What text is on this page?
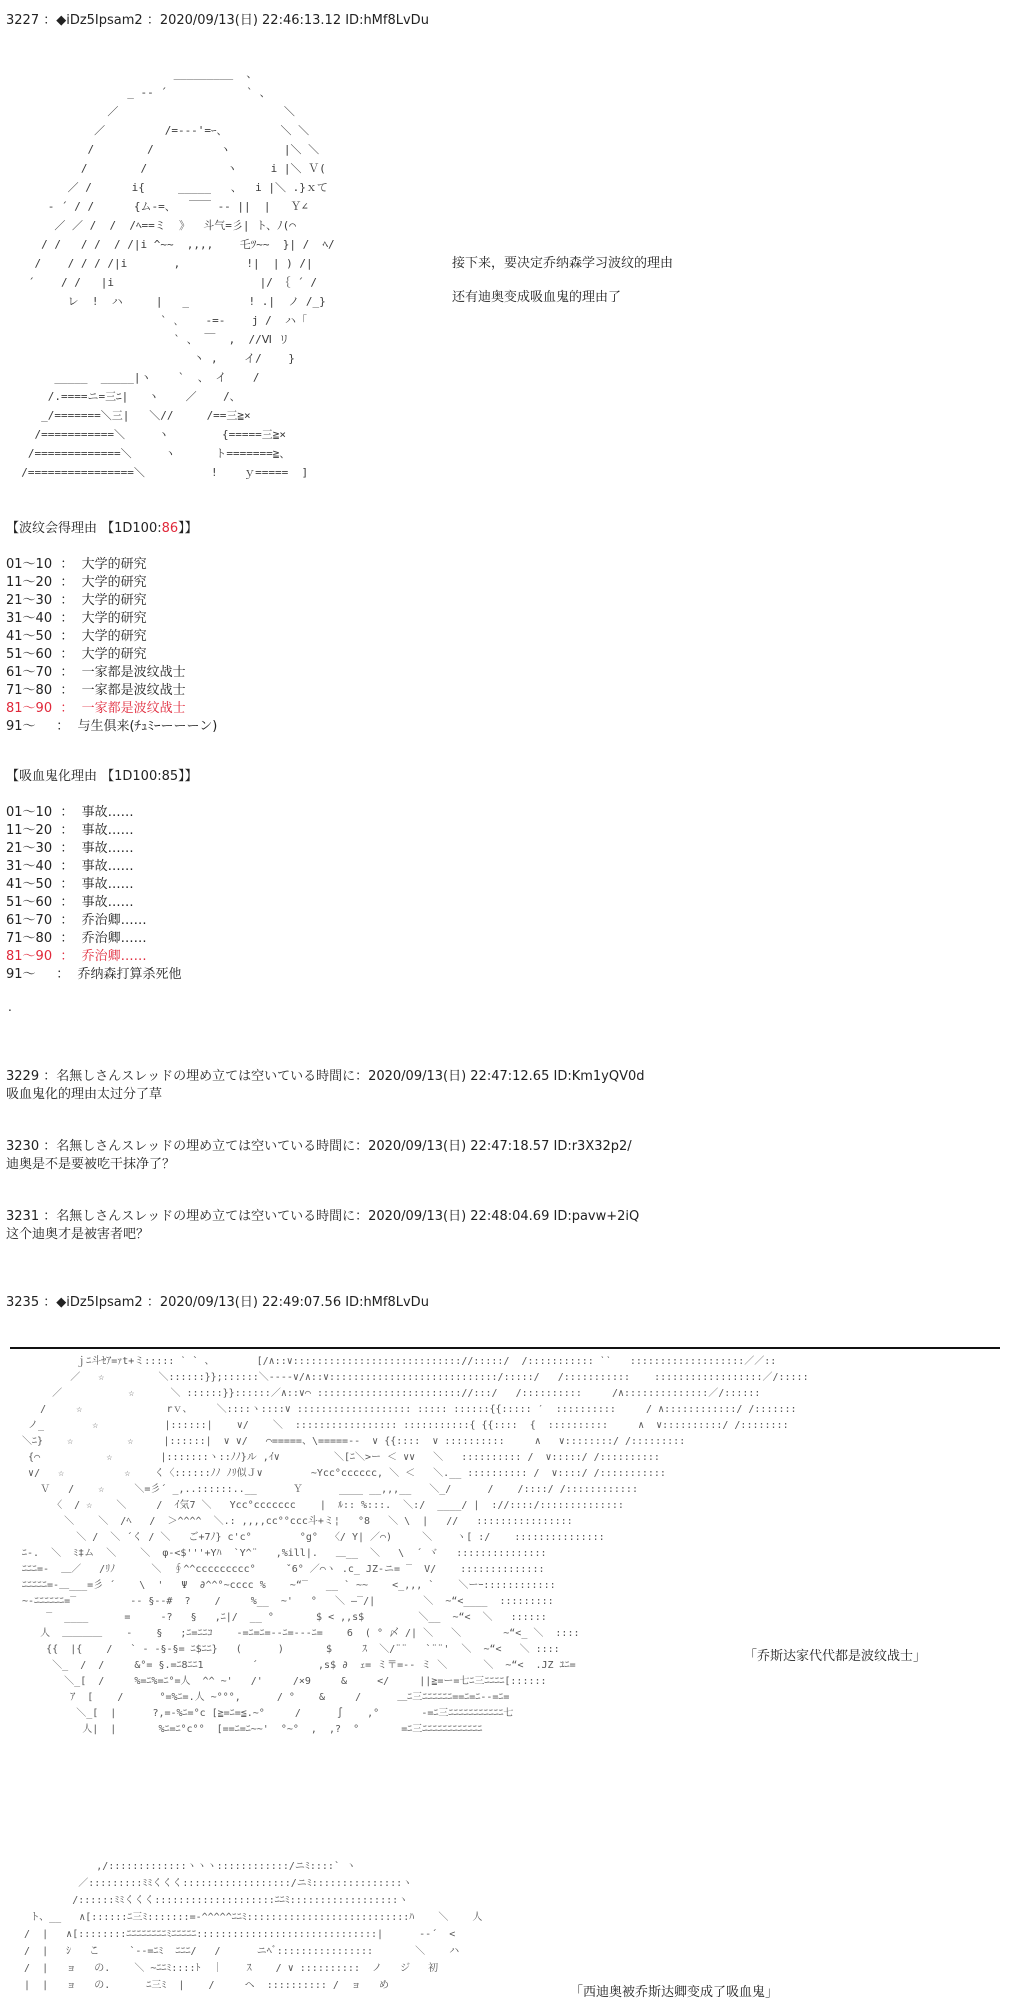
3227 ：◆iDz5Ipsam2 ：2020/09/13(日) 22:46:13.12 ID:hMf8LvDu
_________  、
_ -‐ ´            ` 、
／                         ＼
／         /=--‐'=ｰ、        ＼ ＼
/        /          ヽ        |＼ ＼
/        /            ヽ     i |＼ Ｖ(
／ /      i{     _____   、  i |＼ .}ｘて
- ´ / /      {ム-=、  ￣￣ -- ||  |   Ｙ∠
／ ／ /  /  /ﾍ==ミ  》  斗气=彡| ト、ﾉ(⌒
/ /   / /  / /|i ^~~  ,,,,    乇ﾂ~~  }| /  ﾍ/
/    / / / /|i       ,          !|  | ) /|
´    / /   |i                      |/ ｛ ´ /
レ  !  ハ     |   _         ! .|  ノ /_}
` ､    -=-    j /  ハ「
` 、 ￣  ,  //Ⅵ リ
丶 ,    イ/    }
_____  _____|ヽ    `  、 イ    /
/.====ニ=三ﾆ|   ヽ    ／    /、
_/=======＼三|   ＼//     /==三≧×
/===========＼     ヽ        {=====三≧×
/=============＼     ヽ      ト=======≧、
/================＼          !    ｙ=====  ]
接下来，要决定乔纳森学习波纹的理由
还有迪奥变成吸血鬼的理由了
【波纹会得理由 【1D100:86】】
01～10  ：  大学的研究
11～20  ：  大学的研究
21～30  ：  大学的研究
31～40  ：  大学的研究
41～50  ：  大学的研究
51～60  ：  大学的研究
61～70  ：  一家都是波纹战士
71～80  ：  一家都是波纹战士
81～90  ：  一家都是波纹战士
91～     ：  与生俱来(ﾁｭﾐｰーーーン)
【吸血鬼化理由 【1D100:85】】
01～10  ：  事故……
11～20  ：  事故……
21～30  ：  事故……
31～40  ：  事故……
41～50  ：  事故……
51～60  ：  事故……
61～70  ：  乔治卿……
71～80  ：  乔治卿……
81～90  ：  乔治卿……
91～     ：  乔纳森打算杀死他
.
3229 ：名無しさんスレッドの埋め立ては空いている時間に：2020/09/13(日) 22:47:12.65 ID:Km1yQV0d
吸血鬼化的理由太过分了草
3230 ：名無しさんスレッドの埋め立ては空いている時間に：2020/09/13(日) 22:47:18.57 ID:r3X32p2/
迪奥是不是要被吃干抹净了？
3231 ：名無しさんスレッドの埋め立ては空いている時間に：2020/09/13(日) 22:48:04.69 ID:pavw+2iQ
这个迪奥才是被害者吧？
3235 ：◆iDz5Ipsam2 ：2020/09/13(日) 22:49:07.56 ID:hMf8LvDu
ｊﾆ斗ｾｱ=ｧt+ミ::::: ˋ ` 、       [/∧::∨:::::::::::::::::::::::::::://:::::/  /::::::::::: ˋˋ   :::::::::::::::::::／／::
／   ☆         ＼::::::}};::::::＼‐‐‐-∨/∧::∨::::::::::::::::::::::::::::/:::::/   /:::::::::::    ::::::::::::::::::／/:::::
／           ☆      ＼ ::::::}}::::::／∧::∨⌒ :::::::::::::::::::::::://:::/   /::::::::::     /∧::::::::::::::／/::::::
/     ☆              rｖ、    ＼::::ヽ::::∨ ::::::::::::::::::: ::::: ::::::{{::::: ′  ::::::::::     / ∧::::::::::::/ /:::::::
ノ_        ☆           |::::::|    ∨/    ＼  ::::::::::::::::: :::::::::::{ {{::::  {  ::::::::::     ∧  ∨::::::::::/ /::::::::
＼ﾆ}    ☆         ☆     |::::::|  ∨ ∨/   ⌒=====、\=====--  ∨ {{::::  ∨ ::::::::::     ∧   ∨::::::::/ /:::::::::
{⌒           ☆        |:::::::ヽ::ﾉﾉ}ル ,ｲ∨         ＼[ﾆ＼>ー ＜ ∨∨   ＼   :::::::::: /  ∨:::::/ /::::::::::
∨/   ☆          ☆    く〈::::::ﾉﾉ ﾉﾘ似Ｊ∨        ~Ycc°cccccc, ＼ ＜   ＼.__ :::::::::: /  ∨::::/ /:::::::::::
Ｖ   /    ☆     ＼=彡´ _,..::::::..__      Ｙ      ____ __,,,__   ＼_/      /    /::::/ /::::::::::::
〈  / ☆    ＼     /  ｲ気7 ＼   Ycc°ccccccc    |  ﾙ:: %:::.  ＼:/  ____/ |  ://::::/::::::::::::::
＼    ＼  /ﾍ   /  ＞^^^^  ＼.: ,,,,cc°°ccc斗+ミ¦   °8   ＼ \  |   //   ::::::::::::::::
＼ /  ＼ ´く / ＼   ご+7ﾉ} c'c°        °g°  〈/ Y| ／⌒)     ＼    ヽ[ :/    :::::::::::::::
ﾆ-.  ＼  ﾐ‡ム  ＼    ＼  φ-<$'''+Yﾊ  `Y^¨   ,%ill|.   ＿__  ＼   \  ´ ヾ   :::::::::::::::
ﾆﾆﾆ=-  ＿／   /ﾘﾉ      ＼  ∮^^ccccccccc°     ˇ6° ／⌒ヽ .c_ JZ-ニ= ‾  V/    ::::::::::::::
ﾆﾆﾆﾆﾆ=-＿___=彡 ´    \  '   Ψ  ∂^^°~cccc %    ~“‾   __ ` ~~    <_,,, `    ＼ーｰ::::::::::::
~-ﾆﾆﾆﾆﾆﾆ=‾         -- §--#  ?    /     %__  ~'   °   ＼ ―‾/|        ＼  ~“<____  :::::::::
‾  ____      =     -?   §   ,ﾆ|/  __ °       $ < ,,s$         ＼__  ~“<  ＼   ::::::
人  ＿＿＿＿    -    §   ;ﾆ=ﾆﾆｺ    -=ﾆ=ﾆ=--ﾆ=---ﾆ=    6  ( ° 〆 /| ＼   ＼       ~“<_ ＼  ::::
{{  |{    /   ` - ‐§-§= ﾆ$ﾆﾆ}   (      )       $     ｽ  ＼/¨¨   `¨¨'  ＼  ~“<   ＼ ::::
＼_  /  /     &°= §.=ﾆ8ﾆﾆ1        ´          ,s$ ∂  ｪ= ミ〒=-- ミ ＼      ＼  ~“<  .JZ ﾕﾆ=
＼_[  /     %=ﾆ%=ﾆ°=人  ^^ ~'   /'     /×9     &     </     ||≧=ー=七ﾆ三ﾆﾆﾆﾆ[::::::
ｱ  [    /      °=%ﾆ=.人 ~°°°,      / °    &     /      ＿ﾆ三ﾆﾆﾆﾆﾆﾆ==ﾆ=ﾆ--=ﾆ=
＼_[  |      ?‚=-%ﾆ=°c [≧=ﾆ=≦.~°     /      ∫    ,°       -=ﾆ三ﾆﾆﾆﾆﾆﾆﾆﾆﾆﾆﾆ七
人|  |       %ﾆ=ﾆ°c°°  [==ﾆ=ﾆ~~'  °~°  ,  ,?  °       =ﾆ三ﾆﾆﾆﾆﾆﾆﾆﾆﾆﾆﾆﾆ
「乔斯达家代代都是波纹战士」
,/:::::::::::::ヽヽヽ::::::::::::/ニﾐ::::` ヽ
／:::::::::ﾐﾐくくく::::::::::::::::::/ニﾐ:::::::::::::::ヽ
/::::::ﾐﾐくくく::::::::::::::::::::ﾆﾆﾐ::::::::::::::::::ヽ
ト、__   ∧[::::::ﾆ三ﾐ:::::::=-^^^^^ﾆﾆﾐ:::::::::::::::::::::::::::ﾊ    ＼    人
/  |   ∧[::::::::ﾆﾆﾆﾆﾆﾆﾆﾆﾐﾆﾆﾆﾆﾆ::::::::::::::::::::::::::::::|      -‐´  <
/  |   ｼ   こ     `‐-=ﾆﾐ  ﾆﾆﾆ/   /      ニﾍﾞ::::::::::::::::       ＼    ハ
/  |   ョ   の.    ＼ ~ﾆﾆﾐ::::ﾄ  ｜    ｽ    / ∨ ::::::::::  ノ   ジ   初
|  |   ョ   の.      ﾆ三ﾐ  |    /     ヘ  :::::::::: /  ョ   め	「西迪奥被乔斯达卿变成了吸血鬼」
